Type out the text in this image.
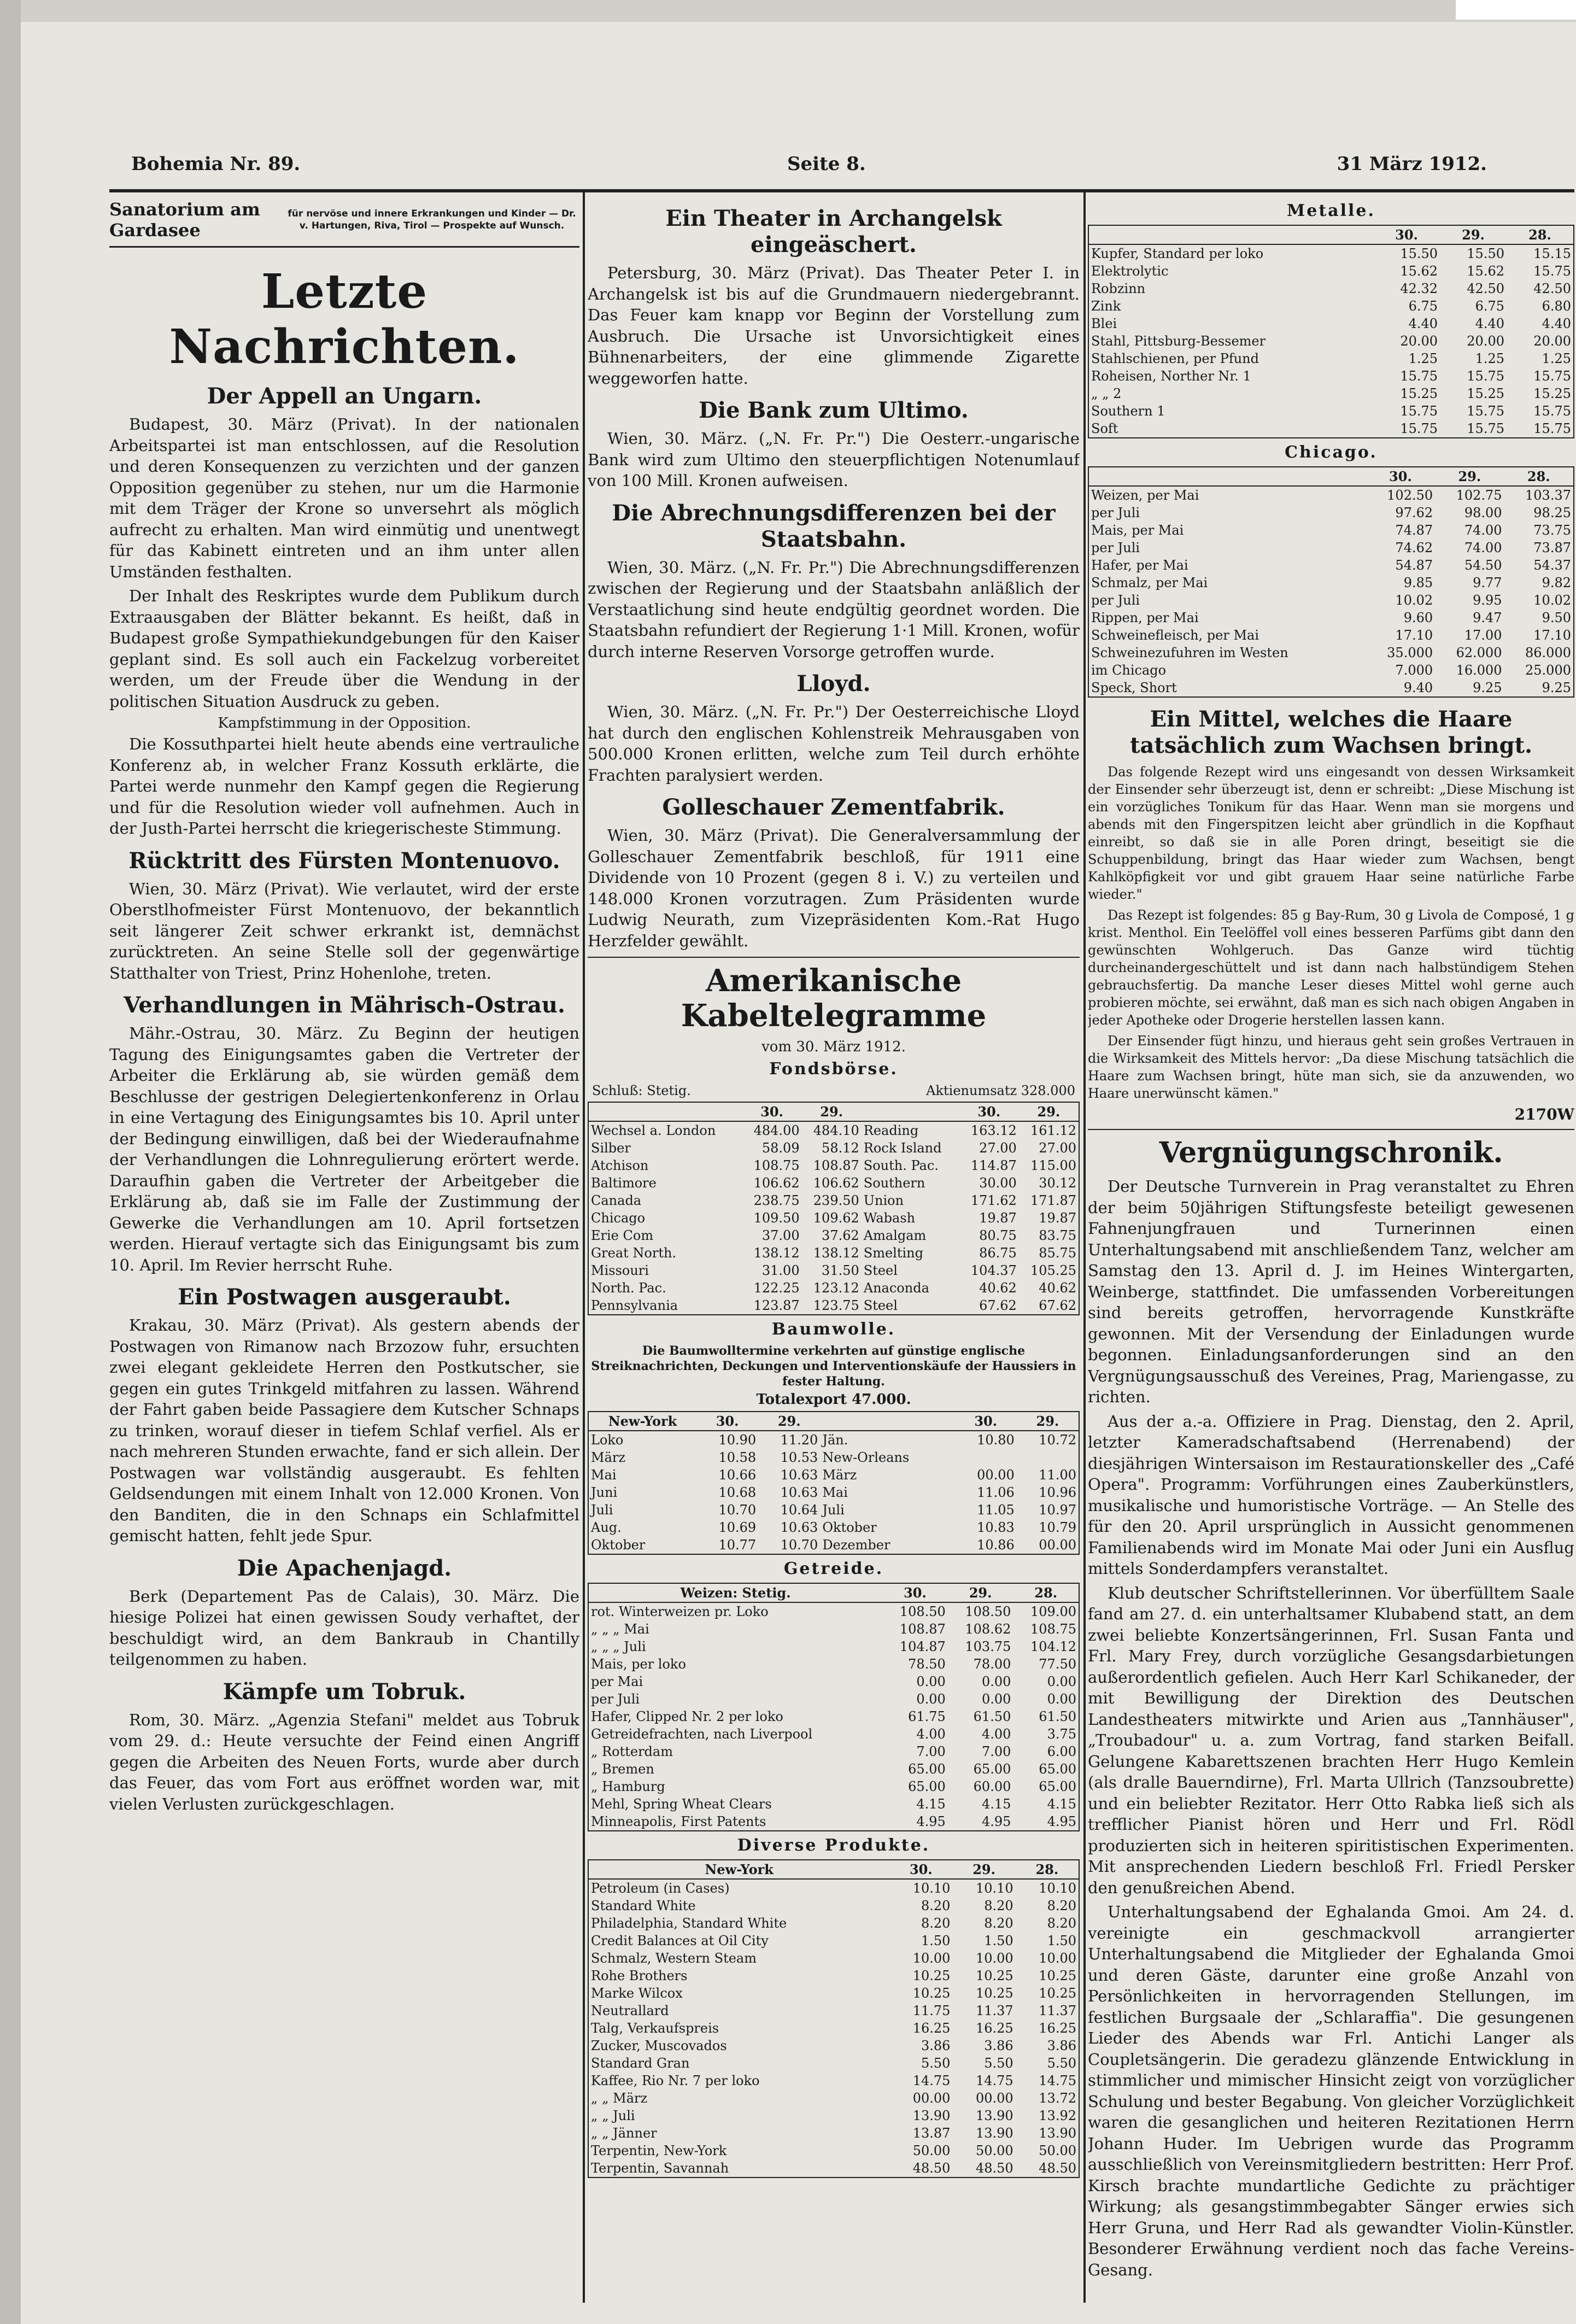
Bohemia Nr. 89.	Seite 8.	31 März 1912.
Sanatorium am Gardasee
für nervöse und innere Erkrankungen und Kinder — Dr. v. Hartungen, Riva, Tirol — Prospekte auf Wunsch.
Letzte Nachrichten.
Der Appell an Ungarn.

Budapest, 30. März (Privat). In der nationalen Arbeitspartei ist man entschlossen, auf die Resolution und deren Konsequenzen zu verzichten und der ganzen Opposition gegenüber zu stehen, nur um die Harmonie mit dem Träger der Krone so unversehrt als möglich aufrecht zu erhalten. Man wird einmütig und unentwegt für das Kabinett eintreten und an ihm unter allen Umständen festhalten.

Der Inhalt des Reskriptes wurde dem Publikum durch Extraausgaben der Blätter bekannt. Es heißt, daß in Budapest große Sympathiekundgebungen für den Kaiser geplant sind. Es soll auch ein Fackelzug vorbereitet werden, um der Freude über die Wendung in der politischen Situation Ausdruck zu geben.

Kampfstimmung in der Opposition.

Die Kossuthpartei hielt heute abends eine vertrauliche Konferenz ab, in welcher Franz Kossuth erklärte, die Partei werde nunmehr den Kampf gegen die Regierung und für die Resolution wieder voll aufnehmen. Auch in der Justh-Partei herrscht die kriegerischeste Stimmung.

Rücktritt des Fürsten Montenuovo.

Wien, 30. März (Privat). Wie verlautet, wird der erste Oberstlhofmeister Fürst Montenuovo, der bekanntlich seit längerer Zeit schwer erkrankt ist, demnächst zurücktreten. An seine Stelle soll der gegenwärtige Statthalter von Triest, Prinz Hohenlohe, treten.

Verhandlungen in Mährisch-Ostrau.

Mähr.-Ostrau, 30. März. Zu Beginn der heutigen Tagung des Einigungsamtes gaben die Vertreter der Arbeiter die Erklärung ab, sie würden gemäß dem Beschlusse der gestrigen Delegiertenkonferenz in Orlau in eine Vertagung des Einigungsamtes bis 10. April unter der Bedingung einwilligen, daß bei der Wiederaufnahme der Verhandlungen die Lohnregulierung erörtert werde. Daraufhin gaben die Vertreter der Arbeitgeber die Erklärung ab, daß sie im Falle der Zustimmung der Gewerke die Verhandlungen am 10. April fortsetzen werden. Hierauf vertagte sich das Einigungsamt bis zum 10. April. Im Revier herrscht Ruhe.

Ein Postwagen ausgeraubt.

Krakau, 30. März (Privat). Als gestern abends der Postwagen von Rimanow nach Brzozow fuhr, ersuchten zwei elegant gekleidete Herren den Postkutscher, sie gegen ein gutes Trinkgeld mitfahren zu lassen. Während der Fahrt gaben beide Passagiere dem Kutscher Schnaps zu trinken, worauf dieser in tiefem Schlaf verfiel. Als er nach mehreren Stunden erwachte, fand er sich allein. Der Postwagen war vollständig ausgeraubt. Es fehlten Geldsendungen mit einem Inhalt von 12.000 Kronen. Von den Banditen, die in den Schnaps ein Schlafmittel gemischt hatten, fehlt jede Spur.

Die Apachenjagd.

Berk (Departement Pas de Calais), 30. März. Die hiesige Polizei hat einen gewissen Soudy verhaftet, der beschuldigt wird, an dem Bankraub in Chantilly teilgenommen zu haben.

Kämpfe um Tobruk.

Rom, 30. März. „Agenzia Stefani" meldet aus Tobruk vom 29. d.: Heute versuchte der Feind einen Angriff gegen die Arbeiten des Neuen Forts, wurde aber durch das Feuer, das vom Fort aus eröffnet worden war, mit vielen Verlusten zurückgeschlagen.

Ein Theater in Archangelsk eingeäschert.

Petersburg, 30. März (Privat). Das Theater Peter I. in Archangelsk ist bis auf die Grundmauern niedergebrannt. Das Feuer kam knapp vor Beginn der Vorstellung zum Ausbruch. Die Ursache ist Unvorsichtigkeit eines Bühnenarbeiters, der eine glimmende Zigarette weggeworfen hatte.

Die Bank zum Ultimo.

Wien, 30. März. („N. Fr. Pr.") Die Oesterr.-ungarische Bank wird zum Ultimo den steuerpflichtigen Notenumlauf von 100 Mill. Kronen aufweisen.

Die Abrechnungsdifferenzen bei der Staatsbahn.

Wien, 30. März. („N. Fr. Pr.") Die Abrechnungsdifferenzen zwischen der Regierung und der Staatsbahn anläßlich der Verstaatlichung sind heute endgültig geordnet worden. Die Staatsbahn refundiert der Regierung 1·1 Mill. Kronen, wofür durch interne Reserven Vorsorge getroffen wurde.

Lloyd.

Wien, 30. März. („N. Fr. Pr.") Der Oesterreichische Lloyd hat durch den englischen Kohlenstreik Mehrausgaben von 500.000 Kronen erlitten, welche zum Teil durch erhöhte Frachten paralysiert werden.

Golleschauer Zementfabrik.

Wien, 30. März (Privat). Die Generalversammlung der Golleschauer Zementfabrik beschloß, für 1911 eine Dividende von 10 Prozent (gegen 8 i. V.) zu verteilen und 148.000 Kronen vorzutragen. Zum Präsidenten wurde Ludwig Neurath, zum Vizepräsidenten Kom.-Rat Hugo Herzfelder gewählt.

Amerikanische Kabeltelegramme
vom 30. März 1912.
Fondsbörse.
Schluß: Stetig.	Aktienumsatz 328.000
	30.	29.		30.	29.
Wechsel a. London	484.00	484.10	Reading	163.12	161.12
Silber	58.09	58.12	Rock Island	27.00	27.00
Atchison	108.75	108.87	South. Pac.	114.87	115.00
Baltimore	106.62	106.62	Southern	30.00	30.12
Canada	238.75	239.50	Union	171.62	171.87
Chicago	109.50	109.62	Wabash	19.87	19.87
Erie Com	37.00	37.62	Amalgam	80.75	83.75
Great North.	138.12	138.12	Smelting	86.75	85.75
Missouri	31.00	31.50	Steel	104.37	105.25
North. Pac.	122.25	123.12	Anaconda	40.62	40.62
Pennsylvania	123.87	123.75	Steel	67.62	67.62
Baumwolle.
Die Baumwolltermine verkehrten auf günstige englische Streiknachrichten, Deckungen und Interventionskäufe der Haussiers in fester Haltung.
Totalexport 47.000.
New-York	30.	29.		30.	29.
Loko	10.90	11.20	Jän.	10.80	10.72
März	10.58	10.53	New-Orleans		
Mai	10.66	10.63	März	00.00	11.00
Juni	10.68	10.63	Mai	11.06	10.96
Juli	10.70	10.64	Juli	11.05	10.97
Aug.	10.69	10.63	Oktober	10.83	10.79
Oktober	10.77	10.70	Dezember	10.86	00.00
Getreide.
Weizen: Stetig.	30.	29.	28.
rot. Winterweizen pr. Loko	108.50	108.50	109.00
„ „ „ Mai	108.87	108.62	108.75
„ „ „ Juli	104.87	103.75	104.12
Mais, per loko	78.50	78.00	77.50
per Mai	0.00	0.00	0.00
per Juli	0.00	0.00	0.00
Hafer, Clipped Nr. 2 per loko	61.75	61.50	61.50
Getreidefrachten, nach Liverpool	4.00	4.00	3.75
„ Rotterdam	7.00	7.00	6.00
„ Bremen	65.00	65.00	65.00
„ Hamburg	65.00	60.00	65.00
Mehl, Spring Wheat Clears	4.15	4.15	4.15
Minneapolis, First Patents	4.95	4.95	4.95
Diverse Produkte.
New-York	30.	29.	28.
Petroleum (in Cases)	10.10	10.10	10.10
Standard White	8.20	8.20	8.20
Philadelphia, Standard White	8.20	8.20	8.20
Credit Balances at Oil City	1.50	1.50	1.50
Schmalz, Western Steam	10.00	10.00	10.00
Rohe Brothers	10.25	10.25	10.25
Marke Wilcox	10.25	10.25	10.25
Neutrallard	11.75	11.37	11.37
Talg, Verkaufspreis	16.25	16.25	16.25
Zucker, Muscovados	3.86	3.86	3.86
Standard Gran	5.50	5.50	5.50
Kaffee, Rio Nr. 7 per loko	14.75	14.75	14.75
„ „ März	00.00	00.00	13.72
„ „ Juli	13.90	13.90	13.92
„ „ Jänner	13.87	13.90	13.90
Terpentin, New-York	50.00	50.00	50.00
Terpentin, Savannah	48.50	48.50	48.50
Metalle.
	30.	29.	28.
Kupfer, Standard per loko	15.50	15.50	15.15
Elektrolytic	15.62	15.62	15.75
Robzinn	42.32	42.50	42.50
Zink	6.75	6.75	6.80
Blei	4.40	4.40	4.40
Stahl, Pittsburg-Bessemer	20.00	20.00	20.00
Stahlschienen, per Pfund	1.25	1.25	1.25
Roheisen, Norther Nr. 1	15.75	15.75	15.75
„ „ 2	15.25	15.25	15.25
Southern 1	15.75	15.75	15.75
Soft	15.75	15.75	15.75
Chicago.
	30.	29.	28.
Weizen, per Mai	102.50	102.75	103.37
per Juli	97.62	98.00	98.25
Mais, per Mai	74.87	74.00	73.75
per Juli	74.62	74.00	73.87
Hafer, per Mai	54.87	54.50	54.37
Schmalz, per Mai	9.85	9.77	9.82
per Juli	10.02	9.95	10.02
Rippen, per Mai	9.60	9.47	9.50
Schweinefleisch, per Mai	17.10	17.00	17.10
Schweinezufuhren im Westen	35.000	62.000	86.000
im Chicago	7.000	16.000	25.000
Speck, Short	9.40	9.25	9.25
Ein Mittel, welches die Haare tatsächlich zum Wachsen bringt.

Das folgende Rezept wird uns eingesandt von dessen Wirksamkeit der Einsender sehr überzeugt ist, denn er schreibt: „Diese Mischung ist ein vorzügliches Tonikum für das Haar. Wenn man sie morgens und abends mit den Fingerspitzen leicht aber gründlich in die Kopfhaut einreibt, so daß sie in alle Poren dringt, beseitigt sie die Schuppenbildung, bringt das Haar wieder zum Wachsen, bengt Kahlköpfigkeit vor und gibt grauem Haar seine natürliche Farbe wieder."

Das Rezept ist folgendes: 85 g Bay-Rum, 30 g Livola de Composé, 1 g krist. Menthol. Ein Teelöffel voll eines besseren Parfüms gibt dann den gewünschten Wohlgeruch. Das Ganze wird tüchtig durcheinandergeschüttelt und ist dann nach halbstündigem Stehen gebrauchsfertig. Da manche Leser dieses Mittel wohl gerne auch probieren möchte, sei erwähnt, daß man es sich nach obigen Angaben in jeder Apotheke oder Drogerie herstellen lassen kann.

Der Einsender fügt hinzu, und hieraus geht sein großes Vertrauen in die Wirksamkeit des Mittels hervor: „Da diese Mischung tatsächlich die Haare zum Wachsen bringt, hüte man sich, sie da anzuwenden, wo Haare unerwünscht kämen."

2170W
Vergnügungschronik.

Der Deutsche Turnverein in Prag veranstaltet zu Ehren der beim 50jährigen Stiftungsfeste beteiligt gewesenen Fahnenjungfrauen und Turnerinnen einen Unterhaltungsabend mit anschließendem Tanz, welcher am Samstag den 13. April d. J. im Heines Wintergarten, Weinberge, stattfindet. Die umfassenden Vorbereitungen sind bereits getroffen, hervorragende Kunstkräfte gewonnen. Mit der Versendung der Einladungen wurde begonnen. Einladungsanforderungen sind an den Vergnügungsausschuß des Vereines, Prag, Mariengasse, zu richten.

Aus der a.-a. Offiziere in Prag. Dienstag, den 2. April, letzter Kameradschaftsabend (Herrenabend) der diesjährigen Wintersaison im Restaurationskeller des „Café Opera". Programm: Vorführungen eines Zauberkünstlers, musikalische und humoristische Vorträge. — An Stelle des für den 20. April ursprünglich in Aussicht genommenen Familienabends wird im Monate Mai oder Juni ein Ausflug mittels Sonderdampfers veranstaltet.

Klub deutscher Schriftstellerinnen. Vor überfülltem Saale fand am 27. d. ein unterhaltsamer Klubabend statt, an dem zwei beliebte Konzertsängerinnen, Frl. Susan Fanta und Frl. Mary Frey, durch vorzügliche Gesangsdarbietungen außerordentlich gefielen. Auch Herr Karl Schikaneder, der mit Bewilligung der Direktion des Deutschen Landestheaters mitwirkte und Arien aus „Tannhäuser", „Troubadour" u. a. zum Vortrag, fand starken Beifall. Gelungene Kabarettszenen brachten Herr Hugo Kemlein (als dralle Bauerndirne), Frl. Marta Ullrich (Tanzsoubrette) und ein beliebter Rezitator. Herr Otto Rabka ließ sich als trefflicher Pianist hören und Herr und Frl. Rödl produzierten sich in heiteren spiritistischen Experimenten. Mit ansprechenden Liedern beschloß Frl. Friedl Persker den genußreichen Abend.

Unterhaltungsabend der Eghalanda Gmoi. Am 24. d. vereinigte ein geschmackvoll arrangierter Unterhaltungsabend die Mitglieder der Eghalanda Gmoi und deren Gäste, darunter eine große Anzahl von Persönlichkeiten in hervorragenden Stellungen, im festlichen Burgsaale der „Schlaraffia". Die gesungenen Lieder des Abends war Frl. Antichi Langer als Coupletsängerin. Die geradezu glänzende Entwicklung in stimmlicher und mimischer Hinsicht zeigt von vorzüglicher Schulung und bester Begabung. Von gleicher Vorzüglichkeit waren die gesanglichen und heiteren Rezitationen Herrn Johann Huder. Im Uebrigen wurde das Programm ausschließlich von Vereinsmitgliedern bestritten: Herr Prof. Kirsch brachte mundartliche Gedichte zu prächtiger Wirkung; als gesangstimmbegabter Sänger erwies sich Herr Gruna, und Herr Rad als gewandter Violin-Künstler. Besonderer Erwähnung verdient noch das fache Vereins-Gesang.
